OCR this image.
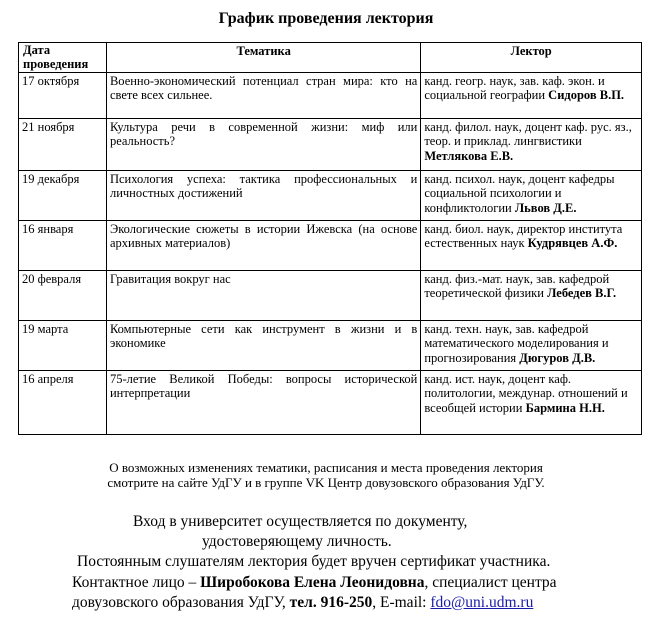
График проведения лектория
Дата проведения	Тематика	Лектор
17 октября	Военно-экономический потенциал стран мира: кто на свете всех сильнее.	канд. геогр. наук, зав. каф. экон. и социальной географии Сидоров В.П.
21 ноября	Культура речи в современной жизни: миф или реальность?	канд. филол. наук, доцент каф. рус. яз., теор. и приклад. лингвистики Метлякова Е.В.
19 декабря	Психология успеха: тактика профессиональных и личностных достижений	канд. психол. наук, доцент кафедры социальной психологии и конфликтологии Львов Д.Е.
16 января	Экологические сюжеты в истории Ижевска (на основе архивных материалов)	канд. биол. наук, директор института естественных наук Кудрявцев А.Ф.
20 февраля	Гравитация вокруг нас	канд. физ.-мат. наук, зав. кафедрой теоретической физики Лебедев В.Г.
19 марта	Компьютерные сети как инструмент в жизни и в экономике	канд. техн. наук, зав. кафедрой математического моделирования и прогнозирования Дюгуров Д.В.
16 апреля	75-летие Великой Победы: вопросы исторической интерпретации	канд. ист. наук, доцент каф. политологии, междунар. отношений и всеобщей истории Бармина Н.Н.
О возможных изменениях тематики, расписания и места проведения лектория
смотрите на сайте УдГУ и в группе VK Центр довузовского образования УдГУ.
Вход в университет осуществляется по документу,
удостоверяющему личность.
Постоянным слушателям лектория будет вручен сертификат участника.
Контактное лицо – Широбокова Елена Леонидовна, специалист центра
довузовского образования УдГУ, тел. 916-250, E-mail: fdo@uni.udm.ru
